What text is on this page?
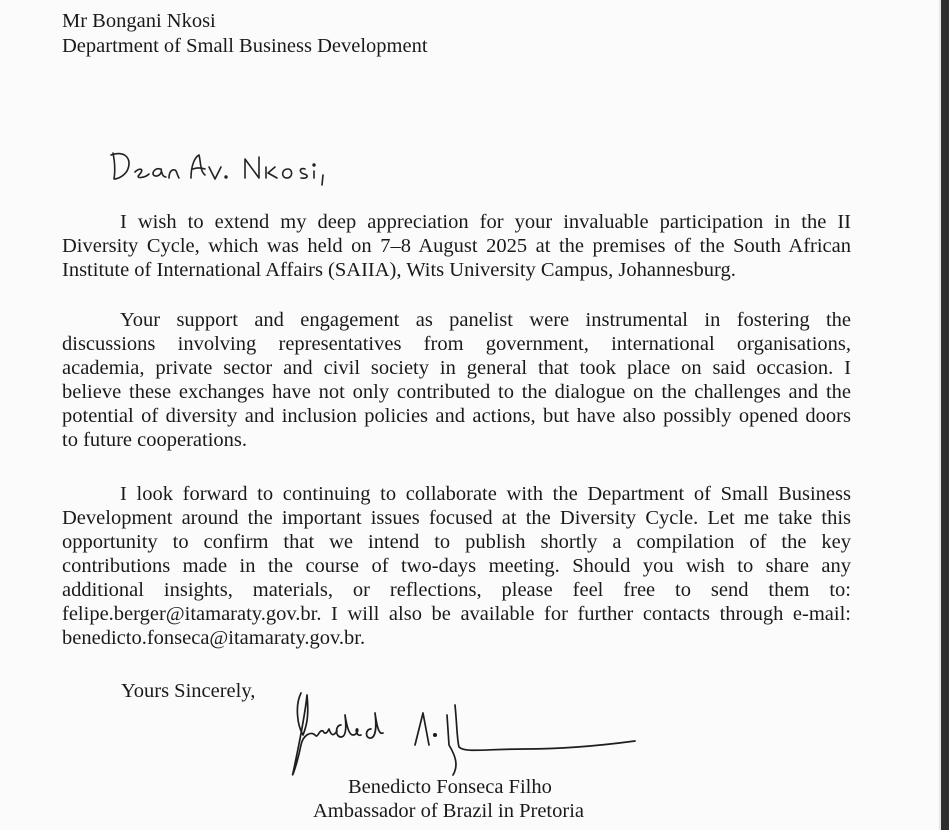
Mr Bongani Nkosi
Department of Small Business Development
I wish to extend my deep appreciation for your invaluable participation in the II
Diversity Cycle, which was held on 7–8 August 2025 at the premises of the South African
Institute of International Affairs (SAIIA), Wits University Campus, Johannesburg.
Your support and engagement as panelist were instrumental in fostering the
discussions involving representatives from government, international organisations,
academia, private sector and civil society in general that took place on said occasion. I
believe these exchanges have not only contributed to the dialogue on the challenges and the
potential of diversity and inclusion policies and actions, but have also possibly opened doors
to future cooperations.
I look forward to continuing to collaborate with the Department of Small Business
Development around the important issues focused at the Diversity Cycle. Let me take this
opportunity to confirm that we intend to publish shortly a compilation of the key
contributions made in the course of two-days meeting. Should you wish to share any
additional insights, materials, or reflections, please feel free to send them to:
felipe.berger@itamaraty.gov.br. I will also be available for further contacts through e-mail:
benedicto.fonseca@itamaraty.gov.br.
Yours Sincerely,
Benedicto Fonseca Filho
Ambassador of Brazil in Pretoria
